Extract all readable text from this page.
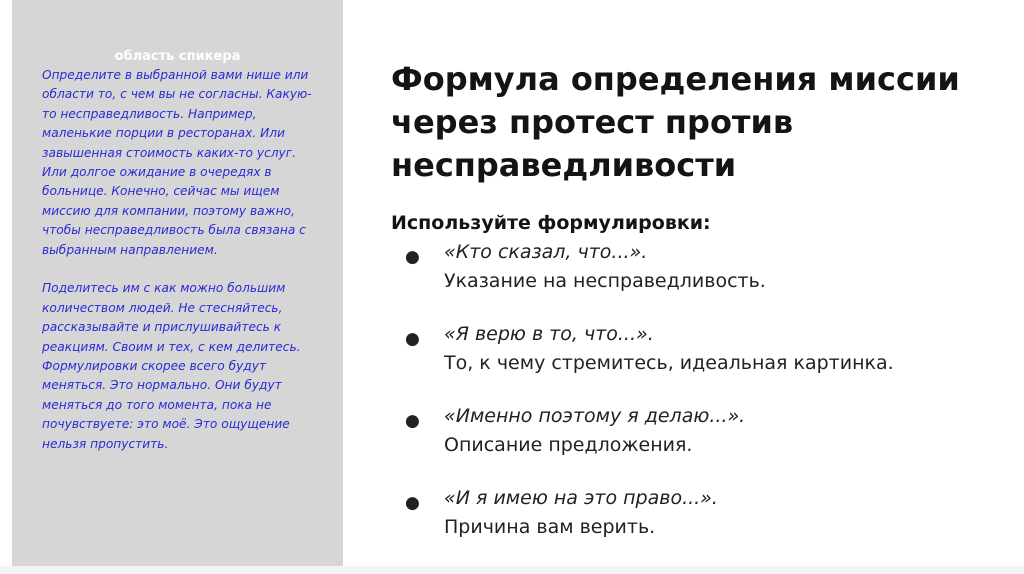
область спикера

Определите в выбранной вами нише или области то, с чем вы не согласны. Какую-то несправедливость. Например, маленькие порции в ресторанах. Или завышенная стоимость каких-то услуг. Или долгое ожидание в очередях в больнице. Конечно, сейчас мы ищем миссию для компании, поэтому важно, чтобы несправедливость была связана с выбранным направлением.

Поделитесь им с как можно большим количеством людей. Не стесняйтесь, рассказывайте и прислушивайтесь к реакциям. Своим и тех, с кем делитесь. Формулировки скорее всего будут меняться. Это нормально. Они будут меняться до того момента, пока не почувствуете: это моё. Это ощущение нельзя пропустить.

Формула определения миссии через протест против несправедливости
Используйте формулировки:
● «Кто сказал, что...».
Указание на несправедливость.
● «Я верю в то, что...».
То, к чему стремитесь, идеальная картинка.
● «Именно поэтому я делаю...».
Описание предложения.
● «И я имею на это право...».
Причина вам верить.
